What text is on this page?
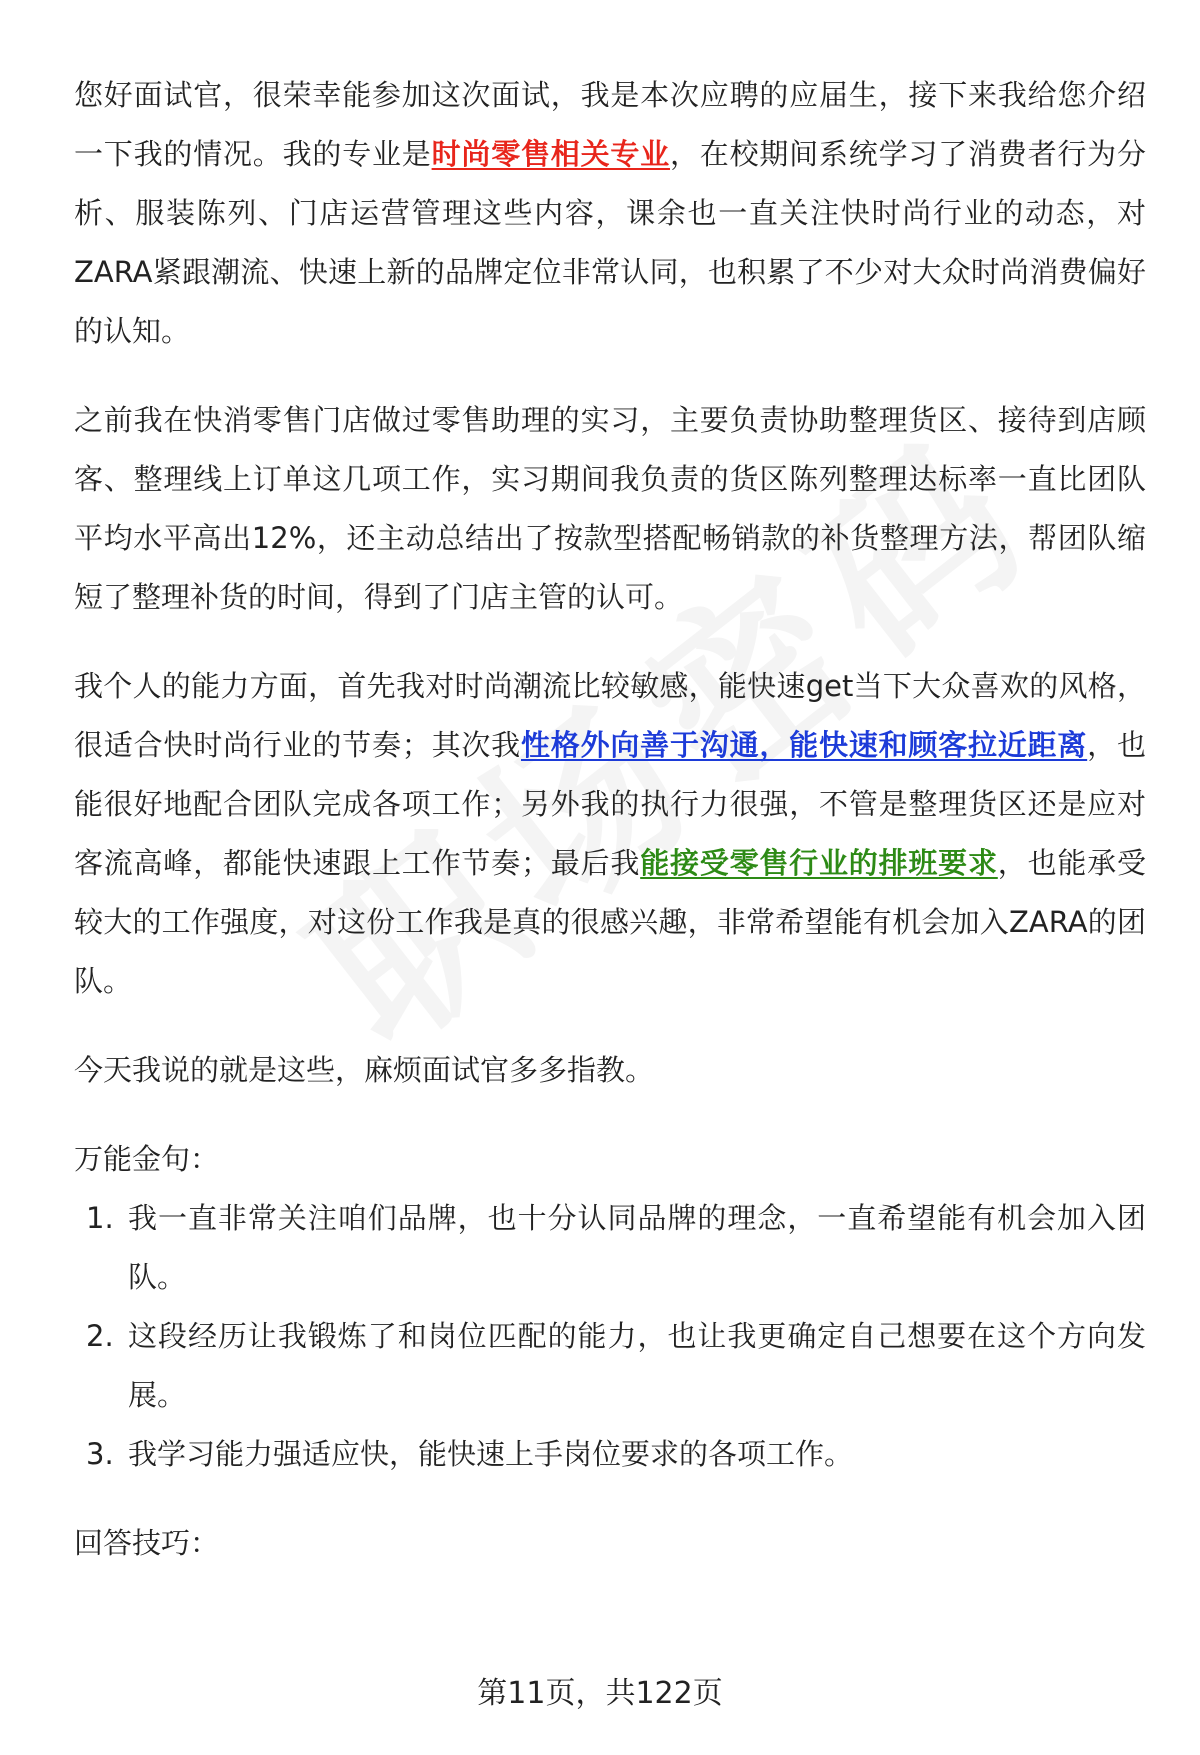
您好面试官，很荣幸能参加这次面试，我是本次应聘的应届生，接下来我给您介绍一下我的情况。我的专业是时尚零售相关专业，在校期间系统学习了消费者行为分析、服装陈列、门店运营管理这些内容，课余也一直关注快时尚行业的动态，对ZARA紧跟潮流、快速上新的品牌定位非常认同，也积累了不少对大众时尚消费偏好的认知。

之前我在快消零售门店做过零售助理的实习，主要负责协助整理货区、接待到店顾客、整理线上订单这几项工作，实习期间我负责的货区陈列整理达标率一直比团队平均水平高出12%，还主动总结出了按款型搭配畅销款的补货整理方法，帮团队缩短了整理补货的时间，得到了门店主管的认可。

我个人的能力方面，首先我对时尚潮流比较敏感，能快速get当下大众喜欢的风格，很适合快时尚行业的节奏；其次我性格外向善于沟通，能快速和顾客拉近距离，也能很好地配合团队完成各项工作；另外我的执行力很强，不管是整理货区还是应对客流高峰，都能快速跟上工作节奏；最后我能接受零售行业的排班要求，也能承受较大的工作强度，对这份工作我是真的很感兴趣，非常希望能有机会加入ZARA的团队。

今天我说的就是这些，麻烦面试官多多指教。

万能金句：

1. 我一直非常关注咱们品牌，也十分认同品牌的理念，一直希望能有机会加入团队。
2. 这段经历让我锻炼了和岗位匹配的能力，也让我更确定自己想要在这个方向发展。
3. 我学习能力强适应快，能快速上手岗位要求的各项工作。

回答技巧：

第11页，共122页
